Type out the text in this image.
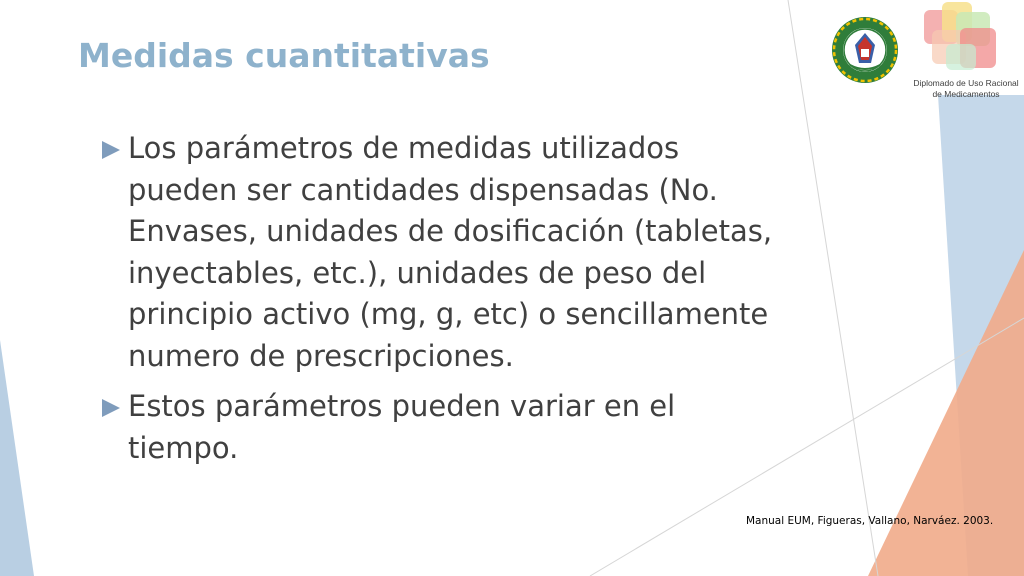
Medidas cuantitativas
Los parámetros de medidas utilizados pueden ser cantidades dispensadas (No. Envases, unidades de dosificación (tabletas, inyectables, etc.), unidades de peso del principio activo (mg, g, etc) o sencillamente numero de prescripciones.
Estos parámetros pueden variar en el tiempo.
Diplomado de Uso Racional de Medicamentos
Manual EUM, Figueras, Vallano, Narváez. 2003.
